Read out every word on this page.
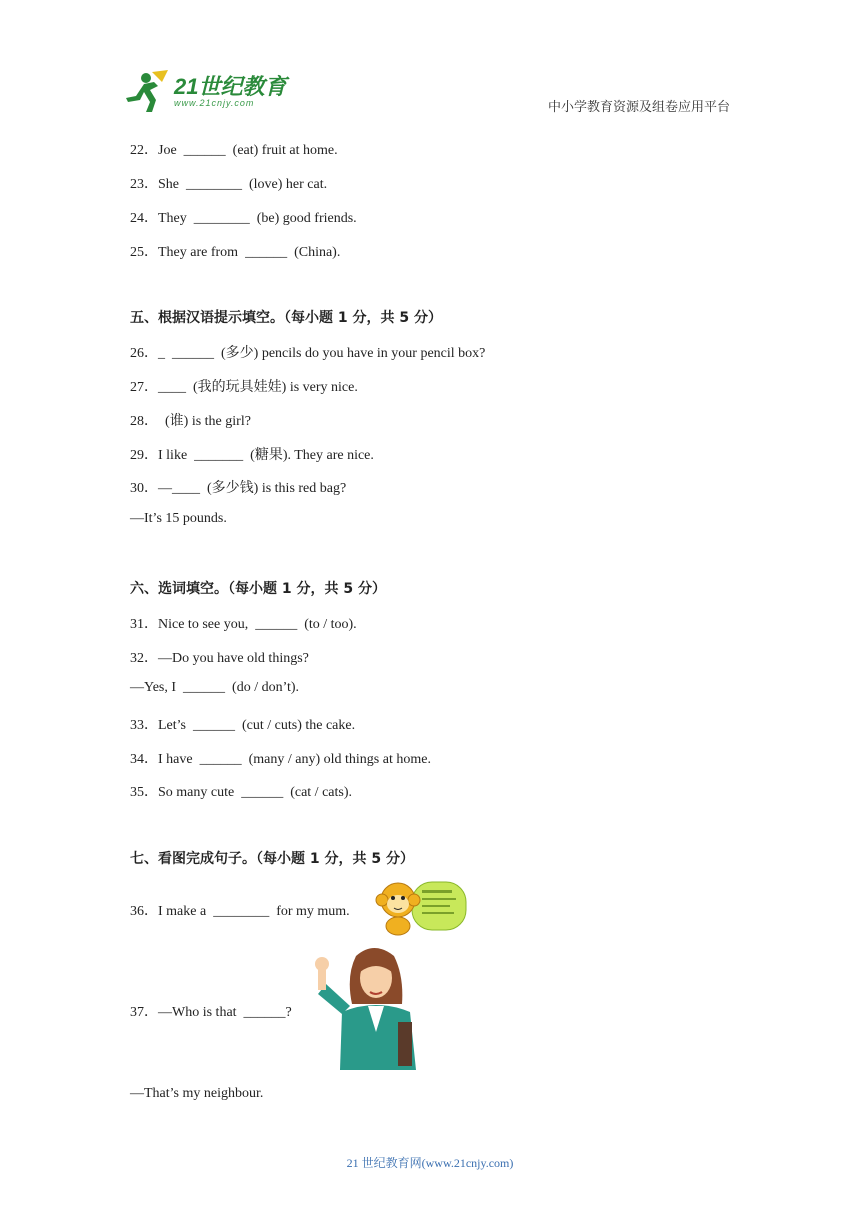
21世纪教育
www.21cnjy.com	中小学教育资源及组卷应用平台
22．Joe  ______  (eat) fruit at home.
23．She  ________  (love) her cat.
24．They  ________  (be) good friends.
25．They are from  ______  (China).
五、根据汉语提示填空。（每小题 1 分，共 5 分）
26．_  ______  (多少) pencils do you have in your pencil box?
27．____  (我的玩具娃娃) is very nice.
28．  (谁) is the girl?
29．I like  _______  (糖果). They are nice.
30．—____  (多少钱) is this red bag?
—It’s 15 pounds.
六、选词填空。（每小题 1 分，共 5 分）
31．Nice to see you,  ______  (to / too).
32．—Do you have old things?
—Yes, I  ______  (do / don’t).
33．Let’s  ______  (cut / cuts) the cake.
34．I have  ______  (many / any) old things at home.
35．So many cute  ______  (cat / cats).
七、看图完成句子。（每小题 1 分，共 5 分）
36．I make a  ________  for my mum.
37．—Who is that  ______?
—That’s my neighbour.
21 世纪教育网(www.21cnjy.com)
